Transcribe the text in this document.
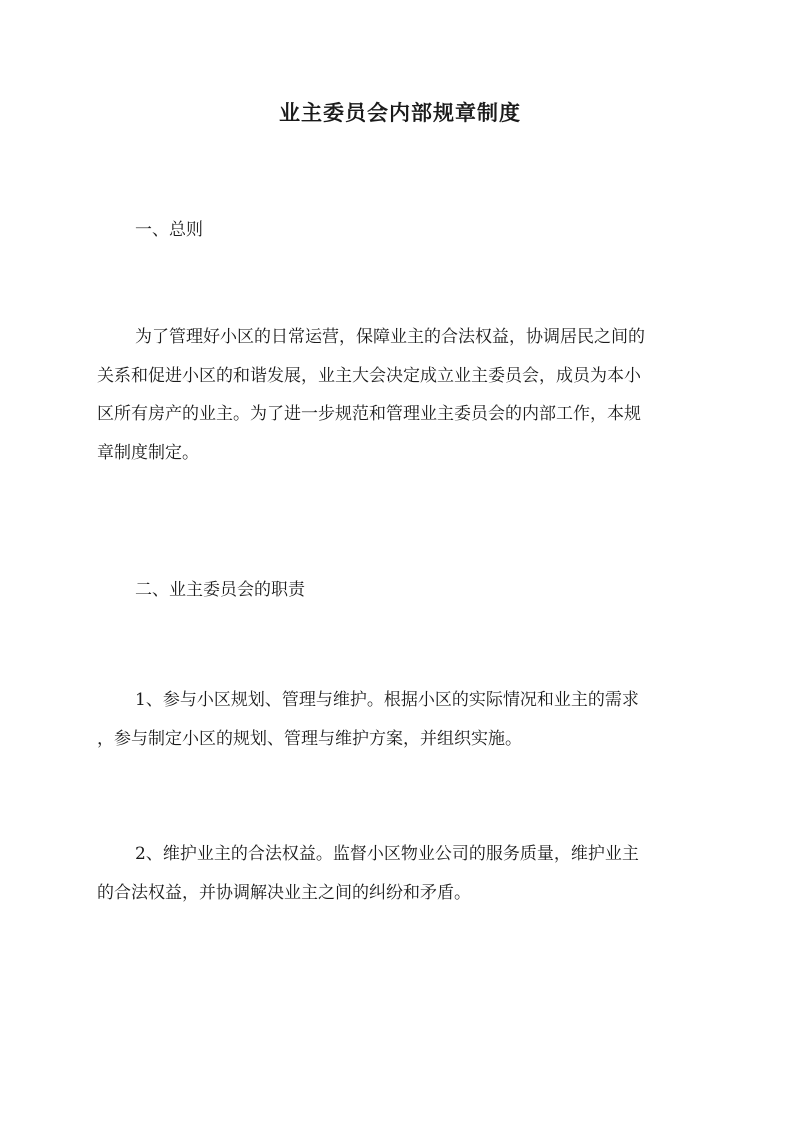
业主委员会内部规章制度
一、总则
为了管理好小区的日常运营，保障业主的合法权益，协调居民之间的
关系和促进小区的和谐发展，业主大会决定成立业主委员会，成员为本小
区所有房产的业主。为了进一步规范和管理业主委员会的内部工作，本规
章制度制定。
二、业主委员会的职责
1、参与小区规划、管理与维护。根据小区的实际情况和业主的需求
，参与制定小区的规划、管理与维护方案，并组织实施。
2、维护业主的合法权益。监督小区物业公司的服务质量，维护业主
的合法权益，并协调解决业主之间的纠纷和矛盾。
